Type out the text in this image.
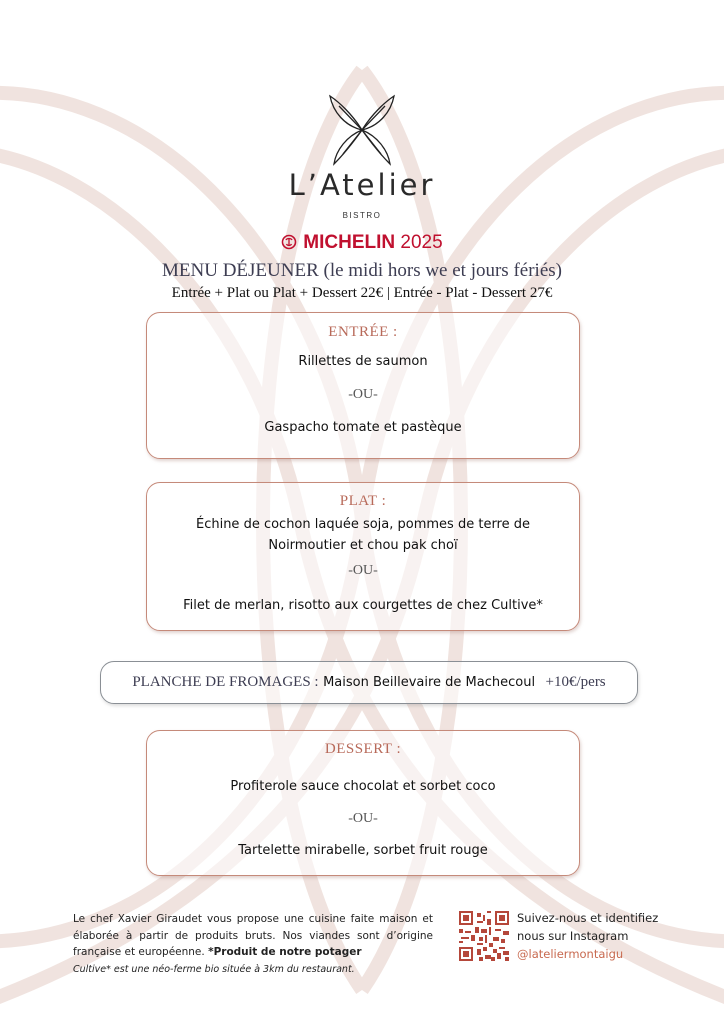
L’Atelier
BISTRO
MICHELIN 2025
MENU DÉJEUNER (le midi hors we et jours fériés)
Entrée + Plat ou Plat + Dessert 22€ | Entrée - Plat - Dessert 27€
ENTRÉE :
Rillettes de saumon
-OU-
Gaspacho tomate et pastèque
PLAT :
Échine de cochon laquée soja, pommes de terre de
Noirmoutier et chou pak choï
-OU-
Filet de merlan, risotto aux courgettes de chez Cultive*
PLANCHE DE FROMAGES : Maison Beillevaire de Machecoul +10€/pers
DESSERT :
Profiterole sauce chocolat et sorbet coco
-OU-
Tartelette mirabelle, sorbet fruit rouge
Le chef Xavier Giraudet vous propose une cuisine faite maison et élaborée à partir de produits bruts. Nos viandes sont d’origine française et européenne. *Produit de notre potager
Cultive* est une néo-ferme bio située à 3km du restaurant.
Suivez-nous et identifiez
nous sur Instagram
@lateliermontaigu
